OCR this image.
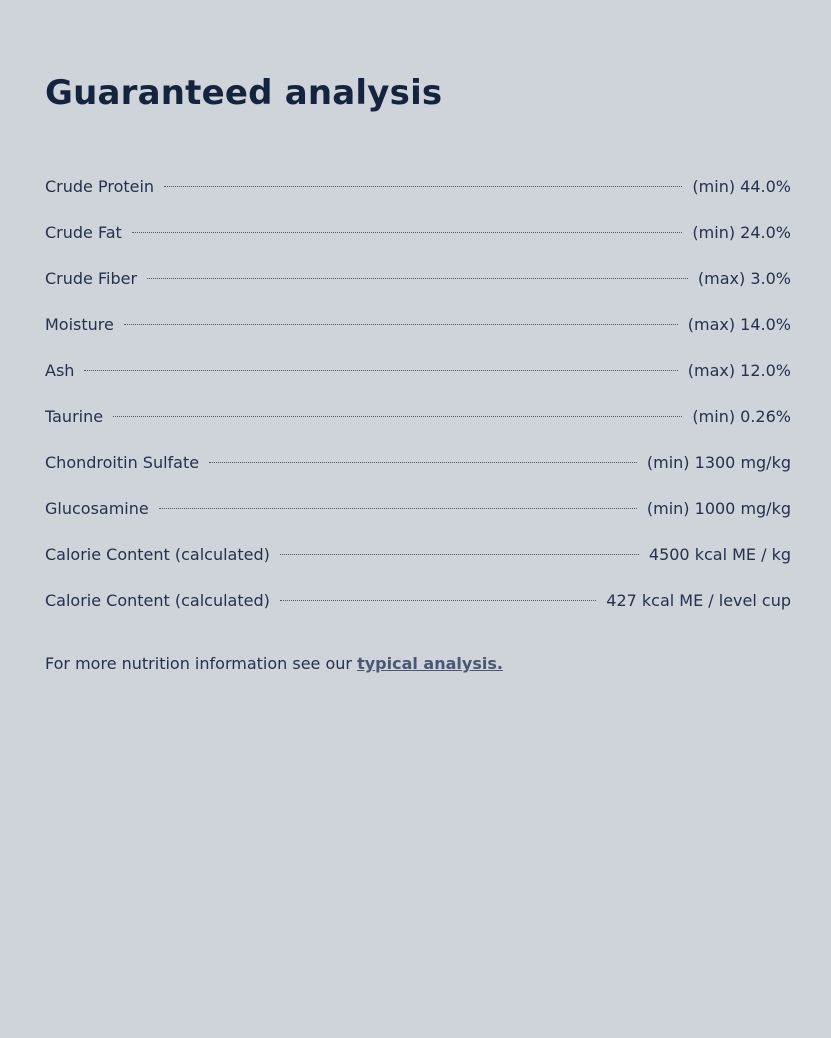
Guaranteed analysis
Crude Protein	(min) 44.0%
Crude Fat	(min) 24.0%
Crude Fiber	(max) 3.0%
Moisture	(max) 14.0%
Ash	(max) 12.0%
Taurine	(min) 0.26%
Chondroitin Sulfate	(min) 1300 mg/kg
Glucosamine	(min) 1000 mg/kg
Calorie Content (calculated)	4500 kcal ME / kg
Calorie Content (calculated)	427 kcal ME / level cup

For more nutrition information see our typical analysis.
